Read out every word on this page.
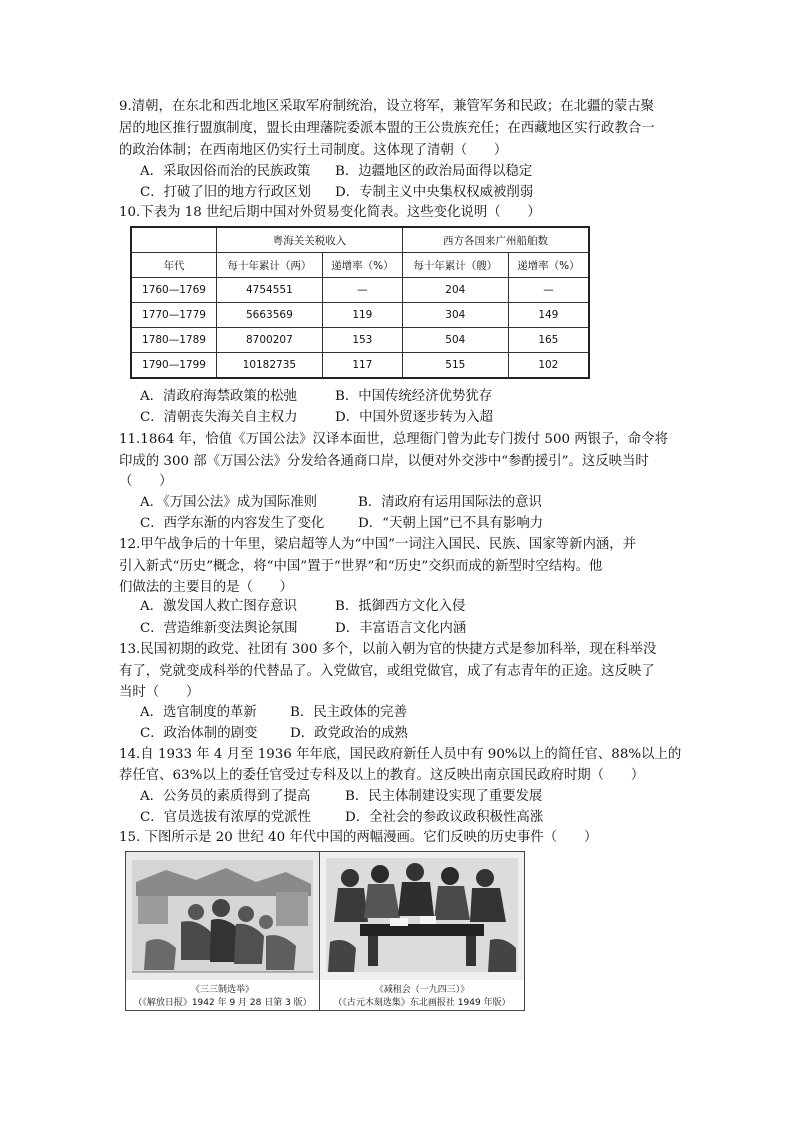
9.清朝，在东北和西北地区采取军府制统治，设立将军，兼管军务和民政；在北疆的蒙古聚
居的地区推行盟旗制度，盟长由理藩院委派本盟的王公贵族充任；在西藏地区实行政教合一
的政治体制；在西南地区仍实行土司制度。这体现了清朝（　　）
A．采取因俗而治的民族政策 B．边疆地区的政治局面得以稳定
C．打破了旧的地方行政区划 D．专制主义中央集权权威被削弱
10.下表为 18 世纪后期中国对外贸易变化简表。这些变化说明（　　）
	粤海关关税收入		西方各国来广州船舶数	
年代	每十年累计（两）	递增率（%）	每十年累计（艘）	递增率（%）
1760—1769	4754551	—	204	—
1770—1779	5663569	119	304	149
1780—1789	8700207	153	504	165
1790—1799	10182735	117	515	102
A．清政府海禁政策的松弛	B．中国传统经济优势犹存
C．清朝丧失海关自主权力	D．中国外贸逐步转为入超
11.1864 年，恰值《万国公法》汉译本面世，总理衙门曾为此专门拨付 500 两银子，命令将
印成的 300 部《万国公法》分发给各通商口岸，以便对外交涉中“参酌援引”。这反映当时
（　　）
A．《万国公法》成为国际准则	B．清政府有运用国际法的意识
C．西学东渐的内容发生了变化	D．“天朝上国”已不具有影响力
12.甲午战争后的十年里，梁启超等人为“中国”一词注入国民、民族、国家等新内涵，并
引入新式“历史”概念，将“中国”置于“世界”和“历史”交织而成的新型时空结构。他
们做法的主要目的是（　　）
A．激发国人救亡图存意识	B．抵御西方文化入侵
C．营造维新变法舆论氛围	D．丰富语言文化内涵
13.民国初期的政党、社团有 300 多个，以前入朝为官的快捷方式是参加科举，现在科举没
有了，党就变成科举的代替品了。入党做官，或组党做官，成了有志青年的正途。这反映了
当时（　　）
A．选官制度的革新 B．民主政体的完善
C．政治体制的剧变 D．政党政治的成熟
14.自 1933 年 4 月至 1936 年年底，国民政府新任人员中有 90%以上的简任官、88%以上的
荐任官、63%以上的委任官受过专科及以上的教育。这反映出南京国民政府时期（　　）
A．公务员的素质得到了提高	B．民主体制建设实现了重要发展
C．官员选拔有浓厚的党派性	D．全社会的参政议政积极性高涨
15. 下图所示是 20 世纪 40 年代中国的两幅漫画。它们反映的历史事件（　　）
《三三制选举》
（《解放日报》1942 年 9 月 28 日第 3 版）
《减租会（一九四三）》
（《古元木刻选集》东北画报社 1949 年版）
